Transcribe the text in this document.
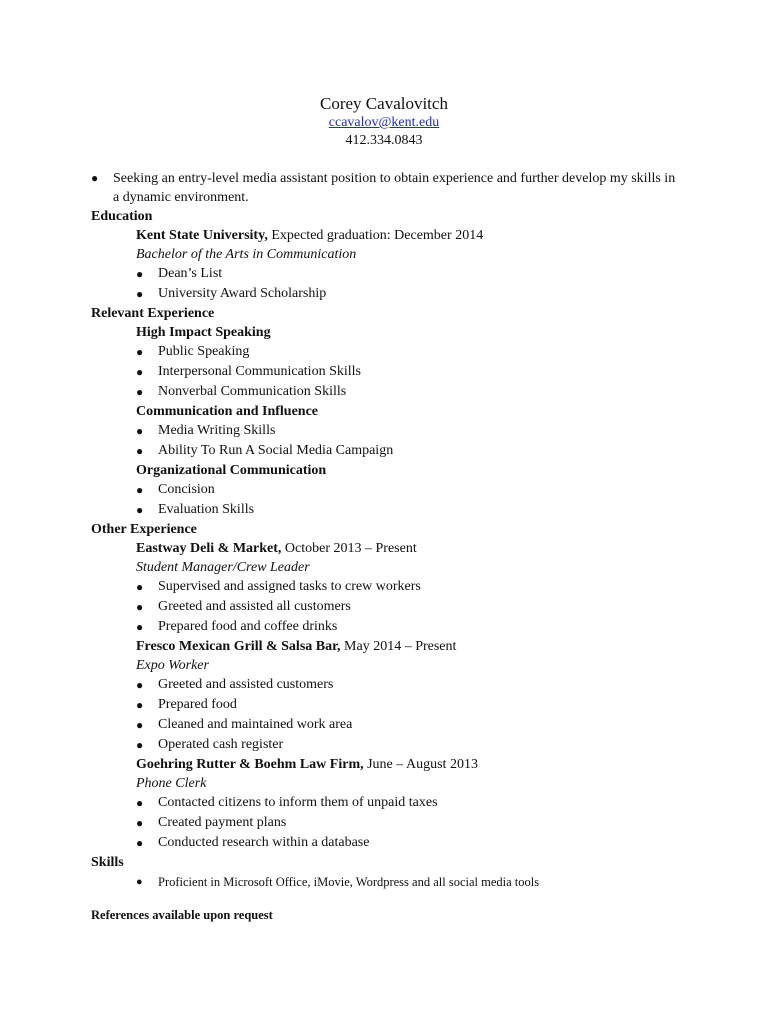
Corey Cavalovitch
ccavalov@kent.edu
412.334.0843
●	Seeking an entry-level media assistant position to obtain experience and further develop my skills in a dynamic environment.
Education
Kent State University, Expected graduation: December 2014
Bachelor of the Arts in Communication
●	Dean’s List
●	University Award Scholarship
Relevant Experience
High Impact Speaking
●	Public Speaking
●	Interpersonal Communication Skills
●	Nonverbal Communication Skills
Communication and Influence
●	Media Writing Skills
●	Ability To Run A Social Media Campaign
Organizational Communication
●	Concision
●	Evaluation Skills
Other Experience
Eastway Deli & Market, October 2013 – Present
Student Manager/Crew Leader
●	Supervised and assigned tasks to crew workers
●	Greeted and assisted all customers
●	Prepared food and coffee drinks
Fresco Mexican Grill & Salsa Bar, May 2014 – Present
Expo Worker
●	Greeted and assisted customers
●	Prepared food
●	Cleaned and maintained work area
●	Operated cash register
Goehring Rutter & Boehm Law Firm, June – August 2013
Phone Clerk
●	Contacted citizens to inform them of unpaid taxes
●	Created payment plans
●	Conducted research within a database
Skills
●	Proficient in Microsoft Office, iMovie, Wordpress and all social media tools
References available upon request
